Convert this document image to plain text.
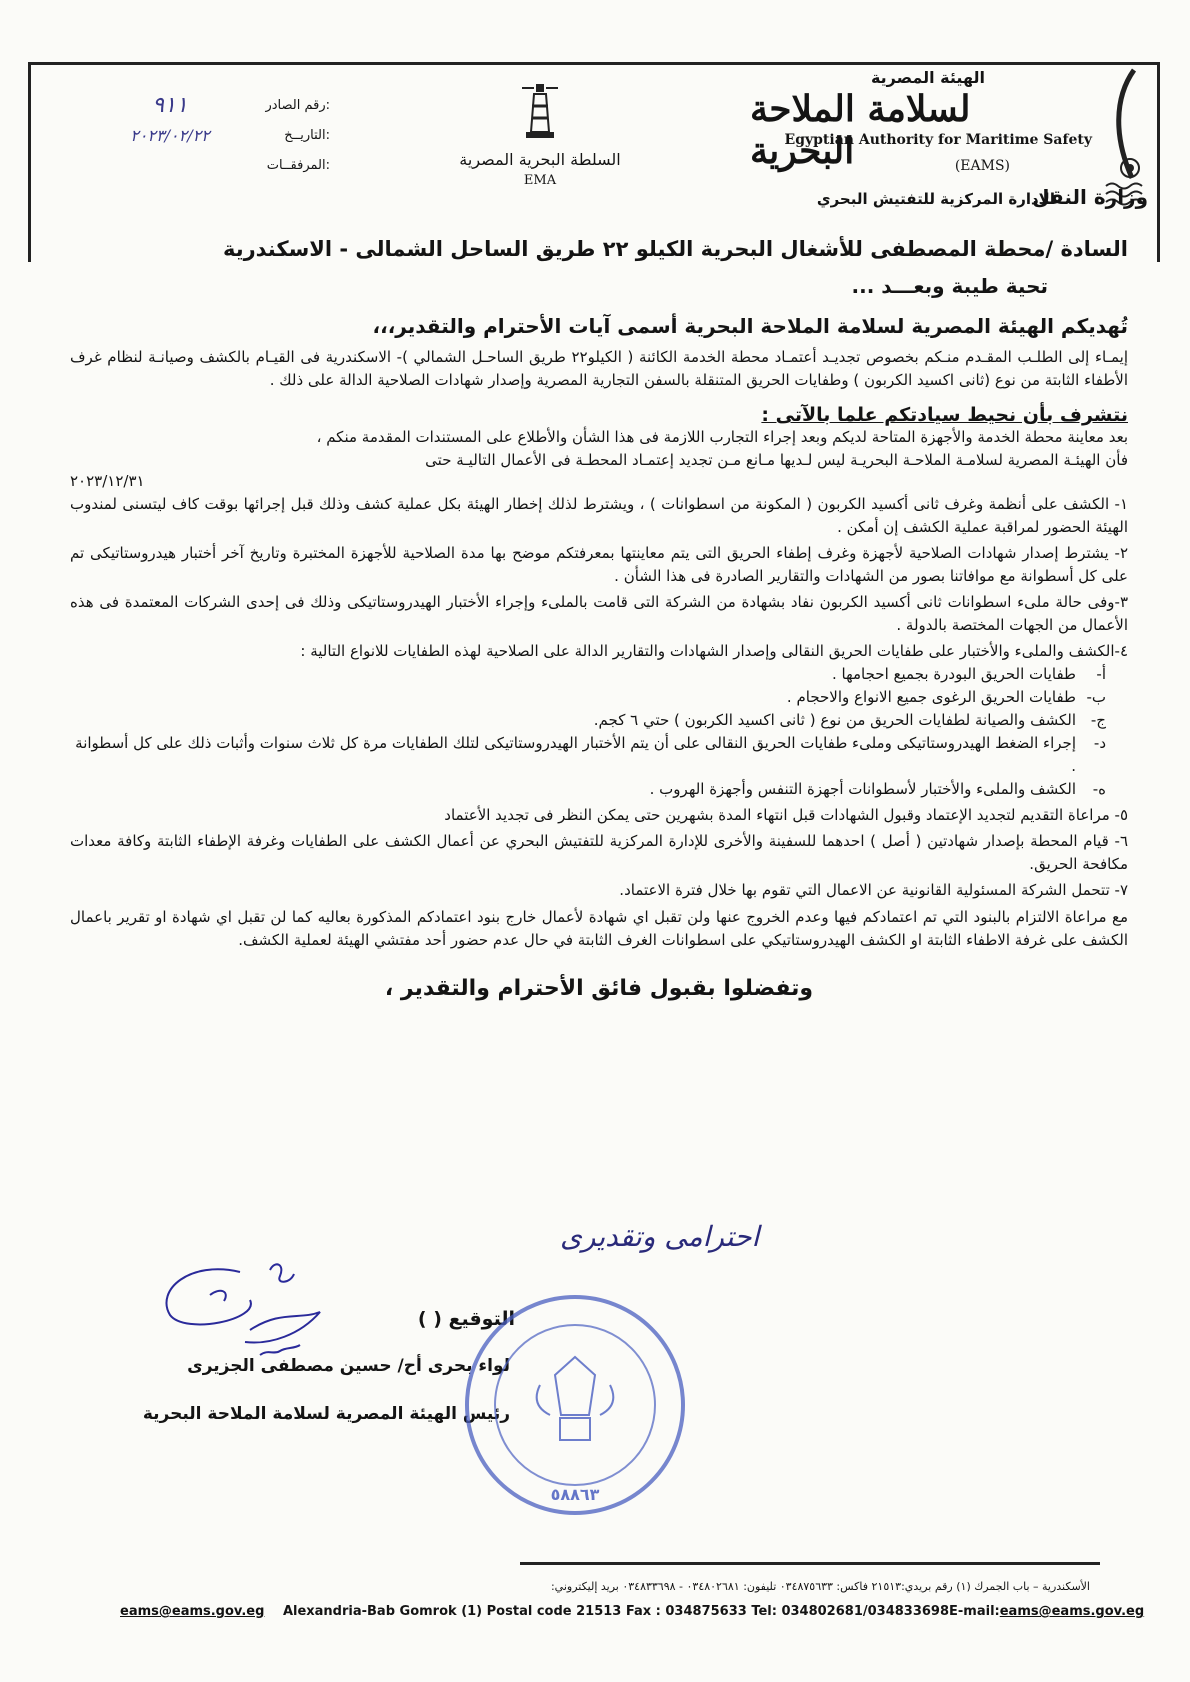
الهيئة المصرية
لسلامة الملاحة البحرية
Egyptian Authority for Maritime Safety
(EAMS)
وزارة النقل
الادارة المركزية للتفتيش البحري
السلطة البحرية المصرية
EMA
رقم الصادر:
٩١١
التاريــخ:
٢٠٢٣/٠٢/٢٢
المرفقــات:
السادة /محطة المصطفى للأشغال البحرية الكيلو ٢٢ طريق الساحل الشمالى - الاسكندرية
تحية طيبة وبعـــد ...
تُهديكم الهيئة المصرية لسلامة الملاحة البحرية أسمى آيات الأحترام والتقدير،،،
إيمـاء إلى الطلـب المقـدم منـكم بخصوص تجديـد أعتمـاد محطة الخدمة الكائنة ( الكيلو٢٢ طريق الساحـل الشمالي )- الاسكندرية فى القيـام بالكشف وصيانـة لنظام غرف الأطفاء الثابتة من نوع (ثانى اكسيد الكربون ) وطفايات الحريق المتنقلة بالسفن التجارية المصرية وإصدار شهادات الصلاحية الدالة على ذلك .
نتشرف بأن نحيط سيادتكم علما بالآتى :
بعد معاينة محطة الخدمة والأجهزة المتاحة لديكم وبعد إجراء التجارب اللازمة فى هذا الشأن والأطلاع على المستندات المقدمة منكم ،
فأن الهيئـة المصرية لسلامـة الملاحـة البحريـة ليس لـديها مـانع مـن تجديد إعتمـاد المحطـة فى الأعمال التاليـة حتى
٢٠٢٣/١٢/٣١
١- الكشف على أنظمة وغرف ثانى أكسيد الكربون ( المكونة من اسطوانات ) ، ويشترط لذلك إخطار الهيئة بكل عملية كشف وذلك قبل إجرائها بوقت كاف ليتسنى لمندوب الهيئة الحضور لمراقبة عملية الكشف إن أمكن .
٢- يشترط إصدار شهادات الصلاحية لأجهزة وغرف إطفاء الحريق التى يتم معاينتها بمعرفتكم موضح بها مدة الصلاحية للأجهزة المختبرة وتاريخ آخر أختبار هيدروستاتيكى تم على كل أسطوانة مع موافاتنا بصور من الشهادات والتقارير الصادرة فى هذا الشأن .
٣-وفى حالة ملىء اسطوانات ثانى أكسيد الكربون نفاد بشهادة من الشركة التى قامت بالملىء وإجراء الأختبار الهيدروستاتيكى وذلك فى إحدى الشركات المعتمدة فى هذه الأعمال من الجهات المختصة بالدولة .
٤-الكشف والملىء والأختبار على طفايات الحريق النقالى وإصدار الشهادات والتقارير الدالة على الصلاحية لهذه الطفايات للانواع التالية :
أ-
طفايات الحريق البودرة بجميع احجامها .
ب-
طفايات الحريق الرغوى جميع الانواع والاحجام .
ج-
الكشف والصيانة لطفايات الحريق من نوع ( ثانى اكسيد الكربون ) حتي ٦ كجم.
د-
إجراء الضغط الهيدروستاتيكى وملىء طفايات الحريق النقالى على أن يتم الأختبار الهيدروستاتيكى لتلك الطفايات مرة كل ثلاث سنوات وأثبات ذلك على كل أسطوانة .
ه-
الكشف والملىء والأختبار لأسطوانات أجهزة التنفس وأجهزة الهروب .
٥- مراعاة التقديم لتجديد الإعتماد وقبول الشهادات قبل انتهاء المدة بشهرين حتى يمكن النظر فى تجديد الأعتماد
٦- قيام المحطة بإصدار شهادتين ( أصل ) احدهما للسفينة والأخرى للإدارة المركزية للتفتيش البحري عن أعمال الكشف على الطفايات وغرفة الإطفاء الثابتة وكافة معدات مكافحة الحريق.
٧- تتحمل الشركة المسئولية القانونية عن الاعمال التي تقوم بها خلال فترة الاعتماد.
مع مراعاة الالتزام بالبنود التي تم اعتمادكم فيها وعدم الخروج عنها ولن تقبل اي شهادة لأعمال خارج بنود اعتمادكم المذكورة بعاليه كما لن تقبل اي شهادة او تقرير باعمال الكشف على غرفة الاطفاء الثابتة او الكشف الهيدروستاتيكي على اسطوانات الغرف الثابتة في حال عدم حضور أحد مفتشي الهيئة لعملية الكشف.
وتفضلوا بقبول فائق الأحترام والتقدير ،
احترامی وتقديری
التوقيع ( )
لواء بحرى أح/ حسين مصطفى الجزيرى
رئيس الهيئة المصرية لسلامة الملاحة البحرية
٥٨٨٦٣
الأسكندرية – باب الجمرك (١) رقم بريدي:٢١٥١٣ فاكس: ٠٣٤٨٧٥٦٣٣ تليفون: ٠٣٤٨٠٢٦٨١ - ٠٣٤٨٣٣٦٩٨ بريد إليكتروني:
eams@eams.gov.eg Alexandria-Bab Gomrok (1) Postal code 21513 Fax : 034875633 Tel: 034802681/034833698E-mail:eams@eams.gov.eg
